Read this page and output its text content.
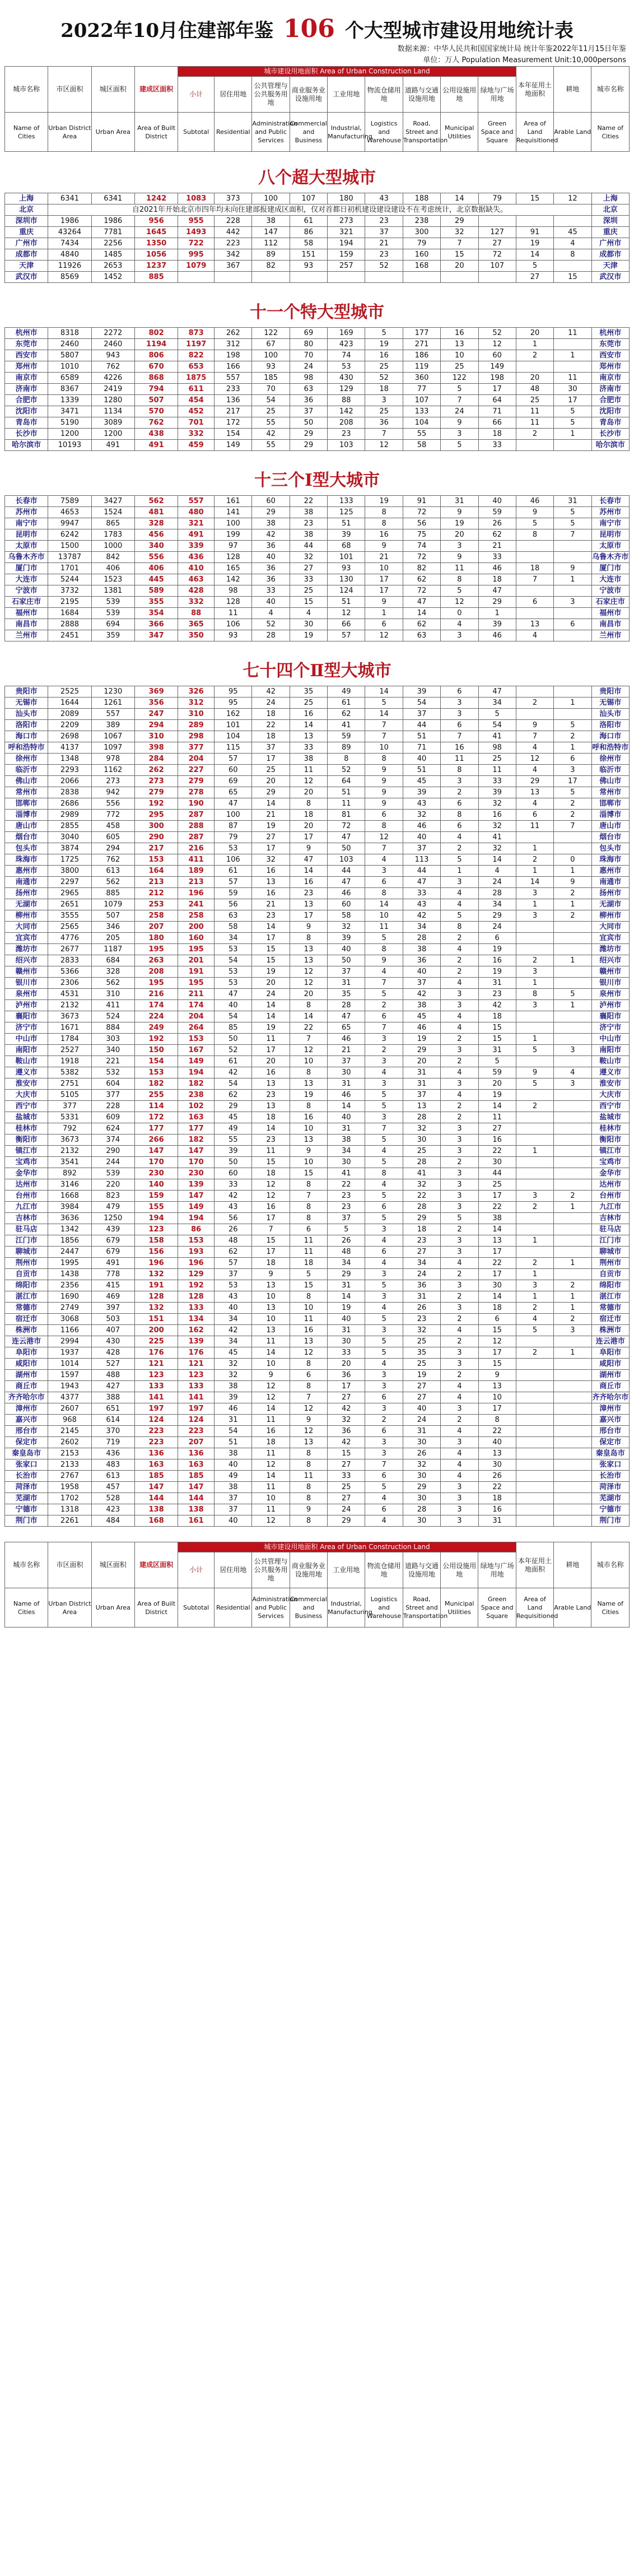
2022年10月住建部年鉴 106 个大型城市建设用地统计表
数据来源：中华人民共和国国家统计局 统计年鉴2022年11月15日年鉴
单位：万人 Population Measurement Unit:10,000persons
城市名称	市区面积	城区面积	建成区面积	城市建设用地面积 Area of Urban Construction Land									本年征用土地面积	耕地	城市名称
				小计	居住用地	公共管理与公共服务用地	商业服务业设施用地	工业用地	物流仓储用地	道路与交通设施用地	公用设施用地	绿地与广场用地			
Name of Cities	Urban District Area	Urban Area	Area of Built District	Subtotal	Residential	Administration and Public Services	Commercial and Business	Industrial, Manufacturing	Logistics and Warehouse	Road, Street and Transportation	Municipal Utilities	Green Space and Square	Area of Land Requisitioned	Arable Land	Name of Cities
八个超大型城市
上海	6341	6341	1242	1083	373	100	107	180	43	188	14	79	15	12	上海
北京	自2021年开始北京市四年均未向住建部报建成区面积，仅对首都日初机建设建设建设不在考虑统计，北京数据缺失。														北京
深圳市	1986	1986	956	955	228	38	61	273	23	238	29				深圳
重庆	43264	7781	1645	1493	442	147	86	321	37	300	32	127	91	45	重庆
广州市	7434	2256	1350	722	223	112	58	194	21	79	7	27	19	4	广州市
成都市	4840	1485	1056	995	342	89	151	159	23	160	15	72	14	8	成都市
天津	11926	2653	1237	1079	367	82	93	257	52	168	20	107	5		天津
武汉市	8569	1452	885										27	15	武汉市
十一个特大型城市
杭州市	8318	2272	802	873	262	122	69	169	5	177	16	52	20	11	杭州市
东莞市	2460	2460	1194	1197	312	67	80	423	19	271	13	12	1		东莞市
西安市	5807	943	806	822	198	100	70	74	16	186	10	60	2	1	西安市
郑州市	1010	762	670	653	166	93	24	53	25	119	25	149			郑州市
南京市	6589	4226	868	1875	557	185	98	430	52	360	122	198	20	11	南京市
济南市	8367	2419	794	611	233	70	63	129	18	77	5	17	48	30	济南市
合肥市	1339	1280	507	454	136	54	36	88	3	107	7	64	25	17	合肥市
沈阳市	3471	1134	570	452	217	25	37	142	25	133	24	71	11	5	沈阳市
青岛市	5190	3089	762	701	172	55	50	208	36	104	9	66	11	5	青岛市
长沙市	1200	1200	438	332	154	42	29	23	7	55	3	18	2	1	长沙市
哈尔滨市	10193	491	491	459	149	55	29	103	12	58	5	33			哈尔滨市
十三个Ⅰ型大城市
长春市	7589	3427	562	557	161	60	22	133	19	91	31	40	46	31	长春市
苏州市	4653	1524	481	480	141	29	38	125	8	72	9	59	9	5	苏州市
南宁市	9947	865	328	321	100	38	23	51	8	56	19	26	5	5	南宁市
昆明市	6242	1783	456	491	199	42	38	39	16	75	20	62	8	7	昆明市
太原市	1500	1000	340	339	97	36	44	68	9	74	3	21			太原市
乌鲁木齐市	13787	842	556	436	128	40	32	101	21	72	9	33			乌鲁木齐市
厦门市	1701	406	406	410	165	36	27	93	10	82	11	46	18	9	厦门市
大连市	5244	1523	445	463	142	36	33	130	17	62	8	18	7	1	大连市
宁波市	3732	1381	589	428	98	33	25	124	17	72	5	47			宁波市
石家庄市	2195	539	355	332	128	40	15	51	9	47	12	29	6	3	石家庄市
福州市	1684	539	354	88	11	4	4	12	1	14	0	1			福州市
南昌市	2888	694	366	365	106	52	30	66	6	62	4	39	13	6	南昌市
兰州市	2451	359	347	350	93	28	19	57	12	63	3	46	4		兰州市
七十四个Ⅱ型大城市
贵阳市	2525	1230	369	326	95	42	35	49	14	39	6	47			贵阳市
无锡市	1644	1261	356	312	95	24	25	61	5	54	3	34	2	1	无锡市
汕头市	2089	557	247	310	162	18	16	62	14	37	3	5			汕头市
洛阳市	2209	389	294	289	101	22	14	41	7	44	6	54	9	5	洛阳市
海口市	2698	1067	310	298	104	18	13	59	7	51	7	41	7	2	海口市
呼和浩特市	4137	1097	398	377	115	37	33	89	10	71	16	98	4	1	呼和浩特市
徐州市	1348	978	284	204	57	17	38	8	8	40	11	25	12	6	徐州市
临沂市	2293	1162	262	227	60	25	11	52	9	51	8	11	4	3	临沂市
佛山市	2066	273	273	279	69	20	12	64	9	45	3	33	29	17	佛山市
常州市	2838	942	279	278	65	29	20	51	9	39	2	39	13	5	常州市
邯郸市	2686	556	192	190	47	14	8	11	9	43	6	32	4	2	邯郸市
淄博市	2989	772	295	287	100	21	18	81	6	32	8	16	6	2	淄博市
唐山市	2855	458	300	288	87	19	20	72	8	46	6	32	11	7	唐山市
烟台市	3040	605	290	287	79	27	17	47	12	40	4	41			烟台市
包头市	3874	294	217	216	53	17	9	50	7	37	2	32	1		包头市
珠海市	1725	762	153	411	106	32	47	103	4	113	5	14	2	0	珠海市
惠州市	3800	613	164	189	61	16	14	44	3	44	1	4	1	1	惠州市
南通市	2297	562	213	213	57	13	16	47	6	47	3	24	14	9	南通市
扬州市	2965	885	212	196	59	16	23	46	8	33	4	28	3	2	扬州市
无湖市	2651	1079	253	241	56	21	13	60	14	43	4	34	1	1	无湖市
柳州市	3555	507	258	258	63	23	17	58	10	42	5	29	3	2	柳州市
大同市	2565	346	207	200	58	14	9	32	11	34	8	24			大同市
宜宾市	4776	205	180	160	34	17	8	39	5	28	2	6			宜宾市
潍坊市	2677	1187	195	195	53	15	13	40	8	38	4	19			潍坊市
绍兴市	2833	684	263	201	54	15	13	50	9	36	2	16	2	1	绍兴市
赣州市	5366	328	208	191	53	19	12	37	4	40	2	19	3		赣州市
银川市	2306	562	195	195	53	20	12	31	7	37	4	31	1		银川市
泉州市	4531	310	216	211	47	24	20	35	5	42	3	23	8	5	泉州市
泸州市	2132	411	174	174	40	14	8	28	2	38	3	42	3	1	泸州市
襄阳市	3673	524	224	204	54	14	14	47	6	45	4	18			襄阳市
济宁市	1671	884	249	264	85	19	22	65	7	46	4	15			济宁市
中山市	1784	303	192	153	50	11	7	46	3	19	2	15	1		中山市
南阳市	2527	340	150	167	52	17	12	21	2	29	3	31	5	3	南阳市
鞍山市	1918	221	154	149	61	20	10	37	3	20	2	5			鞍山市
遵义市	5382	532	153	194	42	16	8	30	4	31	4	59	9	4	遵义市
淮安市	2751	604	182	182	54	13	13	31	3	31	3	20	5	3	淮安市
大庆市	5105	377	255	238	62	23	19	46	5	37	4	19			大庆市
西宁市	377	228	114	102	29	13	8	14	5	13	2	14	2		西宁市
盐城市	5331	609	172	163	45	18	16	40	3	28	2	11			盐城市
桂林市	792	624	177	177	49	14	10	31	7	32	3	27			桂林市
衡阳市	3673	374	266	182	55	23	13	38	5	30	3	16			衡阳市
镇江市	2132	290	147	147	39	11	9	34	4	25	3	22	1		镇江市
宝鸡市	3541	244	170	170	50	15	10	30	5	28	2	30			宝鸡市
金华市	892	539	230	230	60	18	15	41	8	41	3	44			金华市
达州市	3146	220	140	139	33	12	8	22	4	32	3	25			达州市
台州市	1668	823	159	147	42	12	7	23	5	22	3	17	3	2	台州市
九江市	3984	479	155	149	43	16	8	23	6	28	3	22	2	1	九江市
吉林市	3636	1250	194	194	56	17	8	37	5	29	5	38			吉林市
驻马店	1342	439	123	86	26	7	6	5	3	18	2	14			驻马店
江门市	1856	679	158	153	48	15	11	26	4	23	3	13	1		江门市
聊城市	2447	679	156	193	62	17	11	48	6	27	3	17			聊城市
荆州市	1995	491	196	196	57	18	18	34	4	34	4	22	2	1	荆州市
自贡市	1438	778	132	129	37	9	5	29	3	24	2	17	1		自贡市
绵阳市	2356	415	191	192	53	13	15	31	5	36	3	30	3	2	绵阳市
湛江市	1690	469	128	128	43	10	8	14	3	31	2	14	1	1	湛江市
常德市	2749	397	132	133	40	13	10	19	4	26	3	18	2	1	常德市
宿迁市	3068	503	151	134	34	10	11	40	5	23	2	6	4	2	宿迁市
株洲市	1166	407	200	162	42	13	16	31	3	32	4	15	5	3	株洲市
连云港市	2994	430	225	139	34	11	13	30	5	25	2	12			连云港市
阜阳市	1937	428	176	176	45	14	12	33	5	35	3	17	2	1	阜阳市
咸阳市	1014	527	121	121	32	10	8	20	4	25	3	15			咸阳市
湖州市	1597	488	123	123	32	9	6	36	3	19	2	9			湖州市
商丘市	1943	427	133	133	38	12	8	17	3	27	4	13			商丘市
齐齐哈尔市	4377	388	141	141	39	12	7	27	6	27	4	10			齐齐哈尔市
漳州市	2607	651	197	197	46	14	12	42	3	40	3	17			漳州市
嘉兴市	968	614	124	124	31	11	9	32	2	24	2	8			嘉兴市
邢台市	2145	370	223	223	54	16	12	36	6	31	4	22			邢台市
保定市	2602	719	223	207	51	18	13	42	3	30	3	40			保定市
秦皇岛市	2153	436	136	136	38	11	8	15	3	26	4	13			秦皇岛市
张家口	2133	483	163	163	40	12	8	27	7	32	4	30			张家口
长治市	2767	613	185	185	49	14	11	33	6	30	4	26			长治市
菏泽市	1958	457	147	147	38	11	8	25	5	29	3	22			菏泽市
芜湖市	1702	528	144	144	37	10	8	27	4	30	3	18			芜湖市
宁德市	1318	423	138	138	37	11	9	24	6	28	3	16			宁德市
荆门市	2261	484	168	161	40	12	8	29	4	30	3	31			荆门市
城市名称	市区面积	城区面积	建成区面积	城市建设用地面积 Area of Urban Construction Land									本年征用土地面积	耕地	城市名称
				小计	居住用地	公共管理与公共服务用地	商业服务业设施用地	工业用地	物流仓储用地	道路与交通设施用地	公用设施用地	绿地与广场用地			
Name of Cities	Urban District Area	Urban Area	Area of Built District	Subtotal	Residential	Administration and Public Services	Commercial and Business	Industrial, Manufacturing	Logistics and Warehouse	Road, Street and Transportation	Municipal Utilities	Green Space and Square	Area of Land Requisitioned	Arable Land	Name of Cities
